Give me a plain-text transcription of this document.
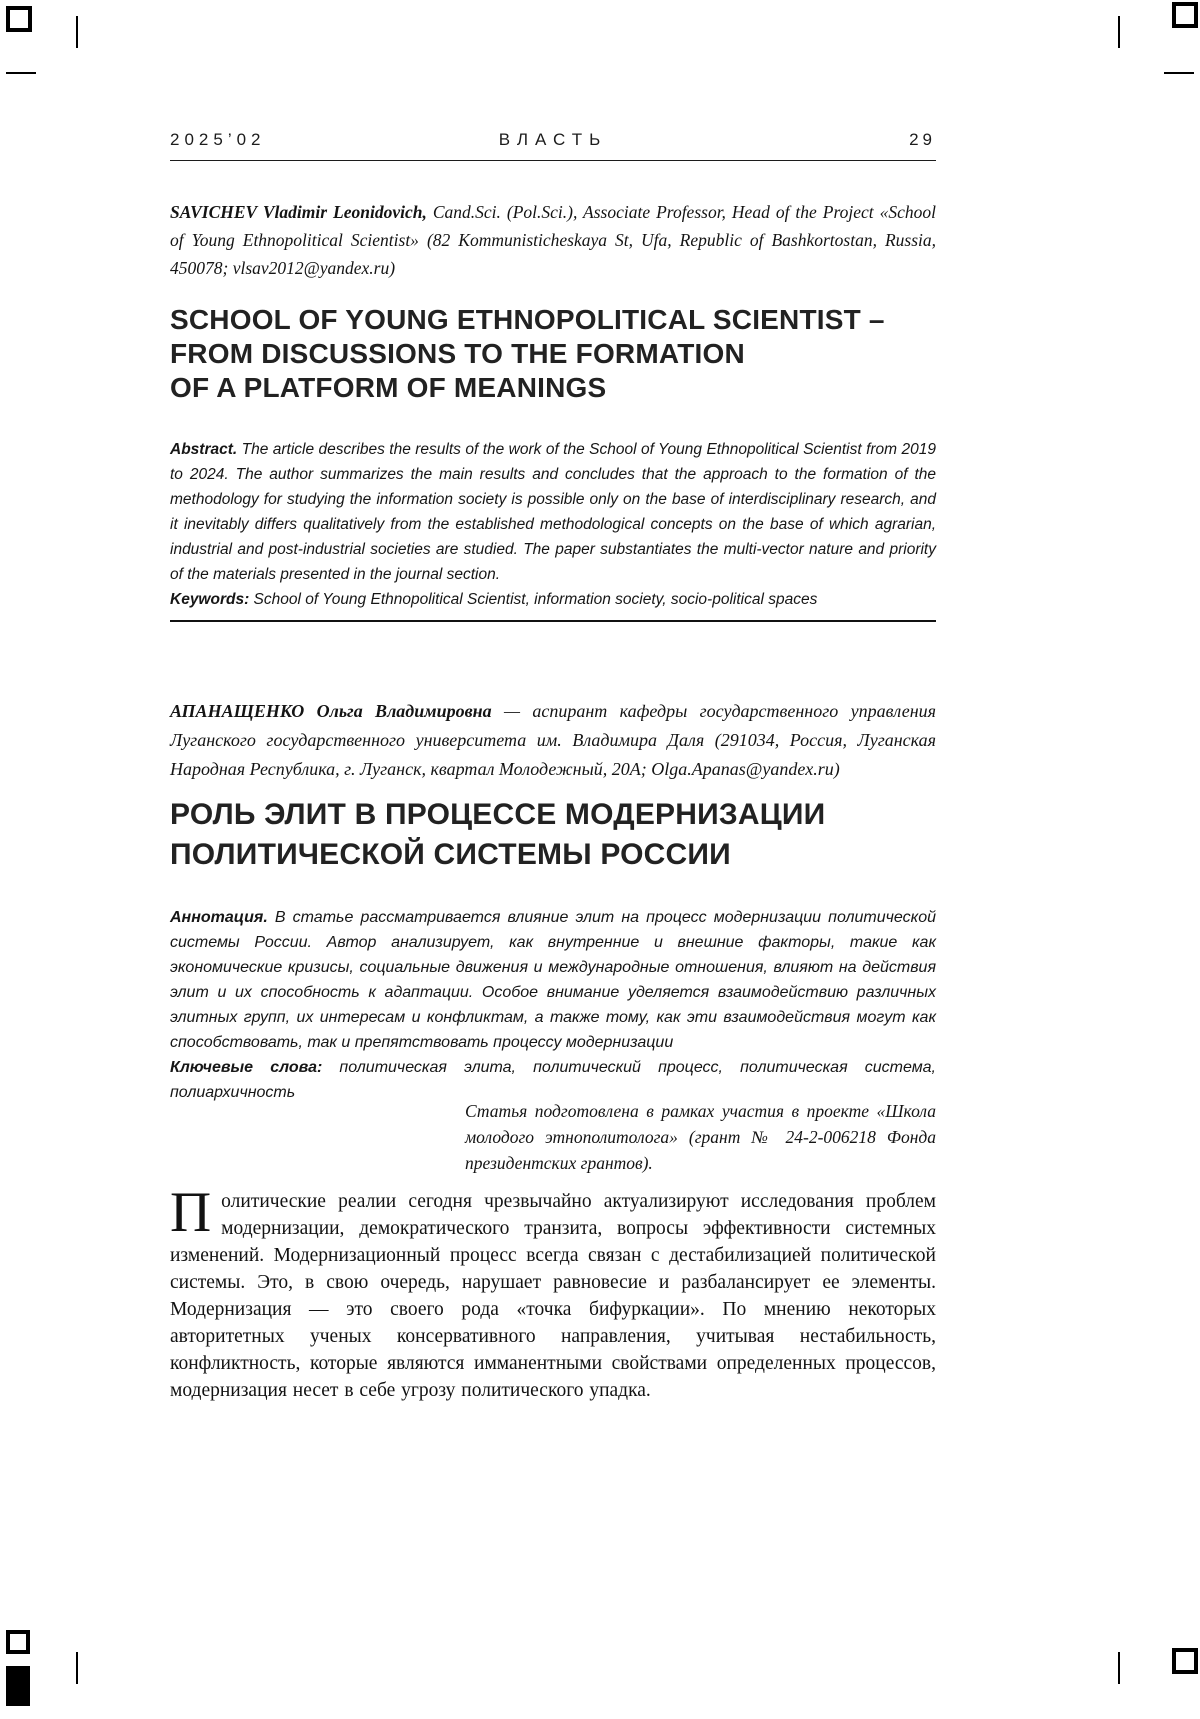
2025’02	ВЛАСТЬ	29

SAVICHEV Vladimir Leonidovich, Cand.Sci. (Pol.Sci.), Associate Professor, Head of the Project «School of Young Ethnopolitical Scientist» (82 Kommunisticheskaya St, Ufa, Republic of Bashkortostan, Russia, 450078; vlsav2012@yandex.ru)

SCHOOL OF YOUNG ETHNOPOLITICAL SCIENTIST –
FROM DISCUSSIONS TO THE FORMATION
OF A PLATFORM OF MEANINGS

Abstract. The article describes the results of the work of the School of Young Ethnopolitical Scientist from 2019 to 2024. The author summarizes the main results and concludes that the approach to the formation of the methodology for studying the information society is possible only on the base of interdisciplinary research, and it inevitably differs qualitatively from the established methodological concepts on the base of which agrarian, industrial and post-industrial societies are studied. The paper substantiates the multi-vector nature and priority of the materials presented in the journal section.

Keywords: School of Young Ethnopolitical Scientist, information society, socio-political spaces

АПАНАЩЕНКО Ольга Владимировна — аспирант кафедры государственного управления Луганского государственного университета им. Владимира Даля (291034, Россия, Луганская Народная Республика, г. Луганск, квартал Молодежный, 20А; Olga.Apanas@yandex.ru)

РОЛЬ ЭЛИТ В ПРОЦЕССЕ МОДЕРНИЗАЦИИ
ПОЛИТИЧЕСКОЙ СИСТЕМЫ РОССИИ

Аннотация. В статье рассматривается влияние элит на процесс модернизации политической системы России. Автор анализирует, как внутренние и внешние факторы, такие как экономические кризисы, социальные движения и международные отношения, влияют на действия элит и их способность к адаптации. Особое внимание уделяется взаимодействию различных элитных групп, их интересам и конфликтам, а также тому, как эти взаимодействия могут как способствовать, так и препятствовать процессу модернизации

Ключевые слова: политическая элита, политический процесс, политическая система, полиархичность

Статья подготовлена в рамках участия в проекте «Школа молодого этнополитолога» (грант № 24-2-006218 Фонда президентских грантов).

Политические реалии сегодня чрезвычайно актуализируют исследования проблем модернизации, демократического транзита, вопросы эффективности системных изменений. Модернизационный процесс всегда связан с дестабилизацией политической системы. Это, в свою очередь, нарушает равновесие и разбалансирует ее элементы. Модернизация — это своего рода «точка бифуркации». По мнению некоторых авторитетных ученых консервативного направления, учитывая нестабильность, конфликтность, которые являются имманентными свойствами определенных процессов, модернизация несет в себе угрозу политического упадка.
